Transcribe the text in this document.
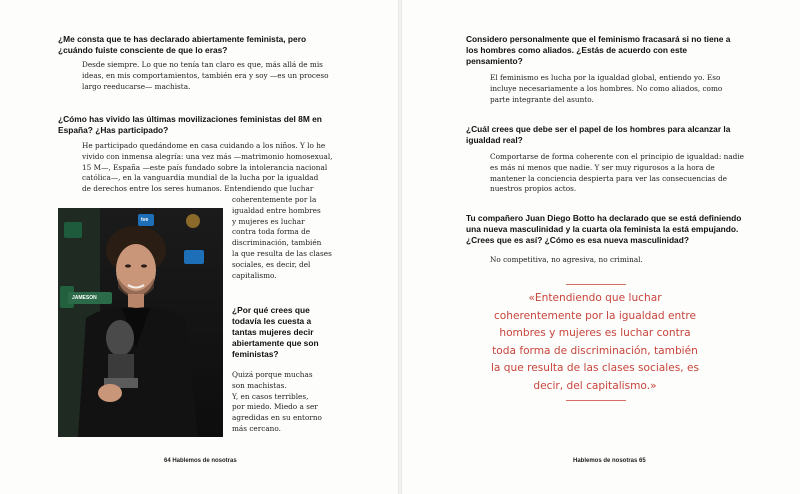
¿Me consta que te has declarado abiertamente feminista, pero ¿cuándo fuiste consciente de que lo eras?

Desde siempre. Lo que no tenía tan claro es que, más allá de mis ideas, en mis comportamientos, también era y soy —es un proceso largo reeducarse— machista.

¿Cómo has vivido las últimas movilizaciones feministas del 8M en España? ¿Has participado?

He participado quedándome en casa cuidando a los niños. Y lo he

vivido con inmensa alegría: una vez más —matrimonio homosexual,

15 M—, España —este país fundado sobre la intolerancia nacional

católica—, en la vanguardia mundial de la lucha por la igualdad

de derechos entre los seres humanos. Entendiendo que luchar

coherentemente por la

igualdad entre hombres

y mujeres es luchar

contra toda forma de

discriminación, también

la que resulta de las clases

sociales, es decir, del

capitalismo.

¿Por qué crees que

todavía les cuesta a

tantas mujeres decir

abiertamente que son

feministas?

Quizá porque muchas

son machistas.

Y, en casos terribles,

por miedo. Miedo a ser

agredidas en su entorno

más cercano.

tve
JAMESON
64 Hablemos de nosotras

Considero personalmente que el feminismo fracasará si no tiene a los hombres como aliados. ¿Estás de acuerdo con este pensamiento?

El feminismo es lucha por la igualdad global, entiendo yo. Eso incluye necesariamente a los hombres. No como aliados, como parte integrante del asunto.

¿Cuál crees que debe ser el papel de los hombres para alcanzar la igualdad real?

Comportarse de forma coherente con el principio de igualdad: nadie es más ni menos que nadie. Y ser muy rigurosos a la hora de mantener la conciencia despierta para ver las consecuencias de nuestros propios actos.

Tu compañero Juan Diego Botto ha declarado que se está definiendo una nueva masculinidad y la cuarta ola feminista la está empujando. ¿Crees que es así? ¿Cómo es esa nueva masculinidad?

No competitiva, no agresiva, no criminal.

«Entendiendo que luchar coherentemente por la igualdad entre hombres y mujeres es luchar contra toda forma de discriminación, también la que resulta de las clases sociales, es decir, del capitalismo.»
Hablemos de nosotras 65
